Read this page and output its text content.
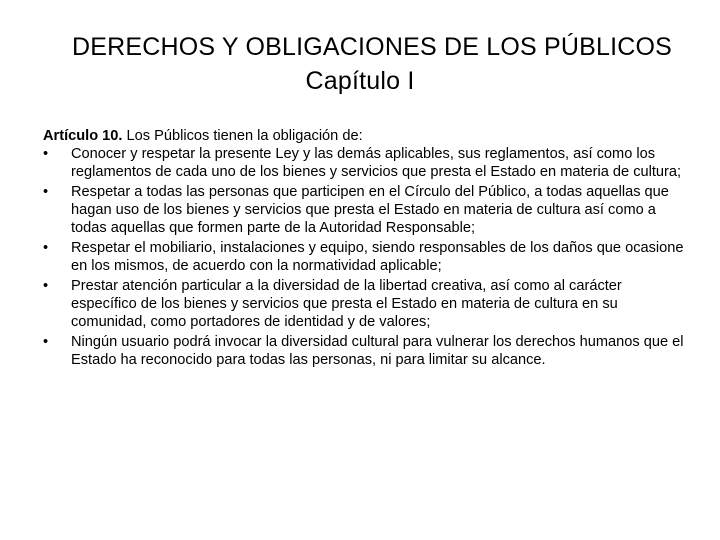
DERECHOS Y OBLIGACIONES DE LOS PÚBLICOS
Capítulo I
Artículo 10. Los Públicos tienen la obligación de:
•	Conocer y respetar la presente Ley y las demás aplicables, sus reglamentos, así como los reglamentos de cada uno de los bienes y servicios que presta el Estado en materia de cultura;
•	Respetar a todas las personas que participen en el Círculo del Público, a todas aquellas que hagan uso de los bienes y servicios que presta el Estado en materia de cultura así como a todas aquellas que formen parte de la Autoridad Responsable;
•	Respetar el mobiliario, instalaciones y equipo, siendo responsables de los daños que ocasione en los mismos, de acuerdo con la normatividad aplicable;
•	Prestar atención particular a la diversidad de la libertad creativa, así como al carácter específico de los bienes y servicios que presta el Estado en materia de cultura en su comunidad, como portadores de identidad y de valores;
•	Ningún usuario podrá invocar la diversidad cultural para vulnerar los derechos humanos que el Estado ha reconocido para todas las personas, ni para limitar su alcance.
